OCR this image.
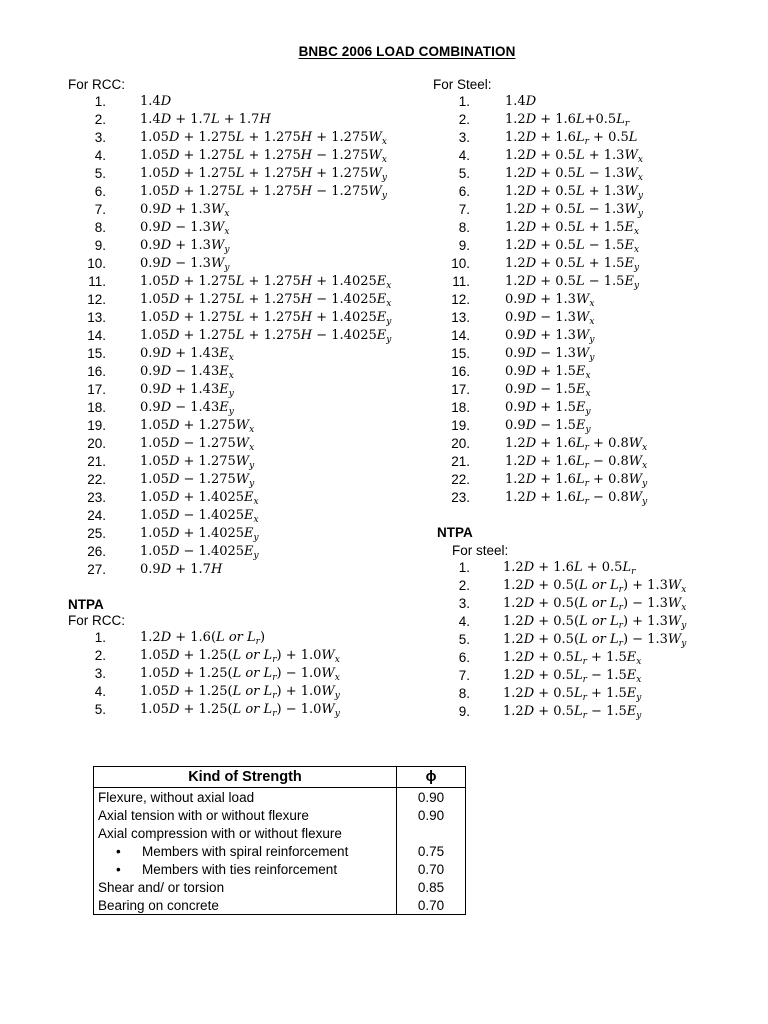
BNBC 2006 LOAD COMBINATION
For RCC:
1.	1.4D
2.	1.4D + 1.7L + 1.7H
3.	$1.05D + 1.275L + 1.275H + 1.275W_x$
4.	$1.05D + 1.275L + 1.275H - 1.275W_x$
5.	$1.05D + 1.275L + 1.275H + 1.275W_y$
6.	$1.05D + 1.275L + 1.275H - 1.275W_y$
7.	$0.9D + 1.3W_x$
8.	$0.9D - 1.3W_x$
9.	$0.9D + 1.3W_y$
10.	$0.9D - 1.3W_y$
11.	$1.05D + 1.275L + 1.275H + 1.4025E_x$
12.	$1.05D + 1.275L + 1.275H - 1.4025E_x$
13.	$1.05D + 1.275L + 1.275H + 1.4025E_y$
14.	$1.05D + 1.275L + 1.275H - 1.4025E_y$
15.	$0.9D + 1.43E_x$
16.	$0.9D - 1.43E_x$
17.	$0.9D + 1.43E_y$
18.	$0.9D - 1.43E_y$
19.	$1.05D + 1.275W_x$
20.	$1.05D - 1.275W_x$
21.	$1.05D + 1.275W_y$
22.	$1.05D - 1.275W_y$
23.	$1.05D + 1.4025E_x$
24.	$1.05D - 1.4025E_x$
25.	$1.05D + 1.4025E_y$
26.	$1.05D - 1.4025E_y$
27.	0.9D + 1.7H
For Steel:
1.	1.4D
2.	$1.2D + 1.6L+0.5L_r$
3.	$1.2D + 1.6L_r + 0.5L$
4.	$1.2D + 0.5L + 1.3W_x$
5.	$1.2D + 0.5L - 1.3W_x$
6.	$1.2D + 0.5L + 1.3W_y$
7.	$1.2D + 0.5L - 1.3W_y$
8.	$1.2D + 0.5L + 1.5E_x$
9.	$1.2D + 0.5L - 1.5E_x$
10.	$1.2D + 0.5L + 1.5E_y$
11.	$1.2D + 0.5L - 1.5E_y$
12.	$0.9D + 1.3W_x$
13.	$0.9D - 1.3W_x$
14.	$0.9D + 1.3W_y$
15.	$0.9D - 1.3W_y$
16.	$0.9D + 1.5E_x$
17.	$0.9D - 1.5E_x$
18.	$0.9D + 1.5E_y$
19.	$0.9D - 1.5E_y$
20.	$1.2D + 1.6L_r + 0.8W_x$
21.	$1.2D + 1.6L_r - 0.8W_x$
22.	$1.2D + 1.6L_r + 0.8W_y$
23.	$1.2D + 1.6L_r - 0.8W_y$
NTPA
For steel:
1.	$1.2D + 1.6L + 0.5L_r$
2.	1.2D + 0.5(L or $L_r) + 1.3W_x$
3.	1.2D + 0.5(L or $L_r) - 1.3W_x$
4.	1.2D + 0.5(L or $L_r) + 1.3W_y$
5.	1.2D + 0.5(L or $L_r) - 1.3W_y$
6.	$1.2D + 0.5L_r + 1.5E_x$
7.	$1.2D + 0.5L_r - 1.5E_x$
8.	$1.2D + 0.5L_r + 1.5E_y$
9.	$1.2D + 0.5L_r - 1.5E_y$
NTPA
For RCC:
1.	1.2D + 1.6(L or $L_r$)
2.	1.05D + 1.25(L or $L_r) + 1.0W_x$
3.	1.05D + 1.25(L or $L_r) - 1.0W_x$
4.	1.05D + 1.25(L or $L_r) + 1.0W_y$
5.	1.05D + 1.25(L or $L_r) - 1.0W_y$
Kind of Strength	ϕ
Flexure, without axial load	0.90
Axial tension with or without flexure	0.90
Axial compression with or without flexure	
• Members with spiral reinforcement	0.75
• Members with ties reinforcement	0.70
Shear and/ or torsion	0.85
Bearing on concrete	0.70
